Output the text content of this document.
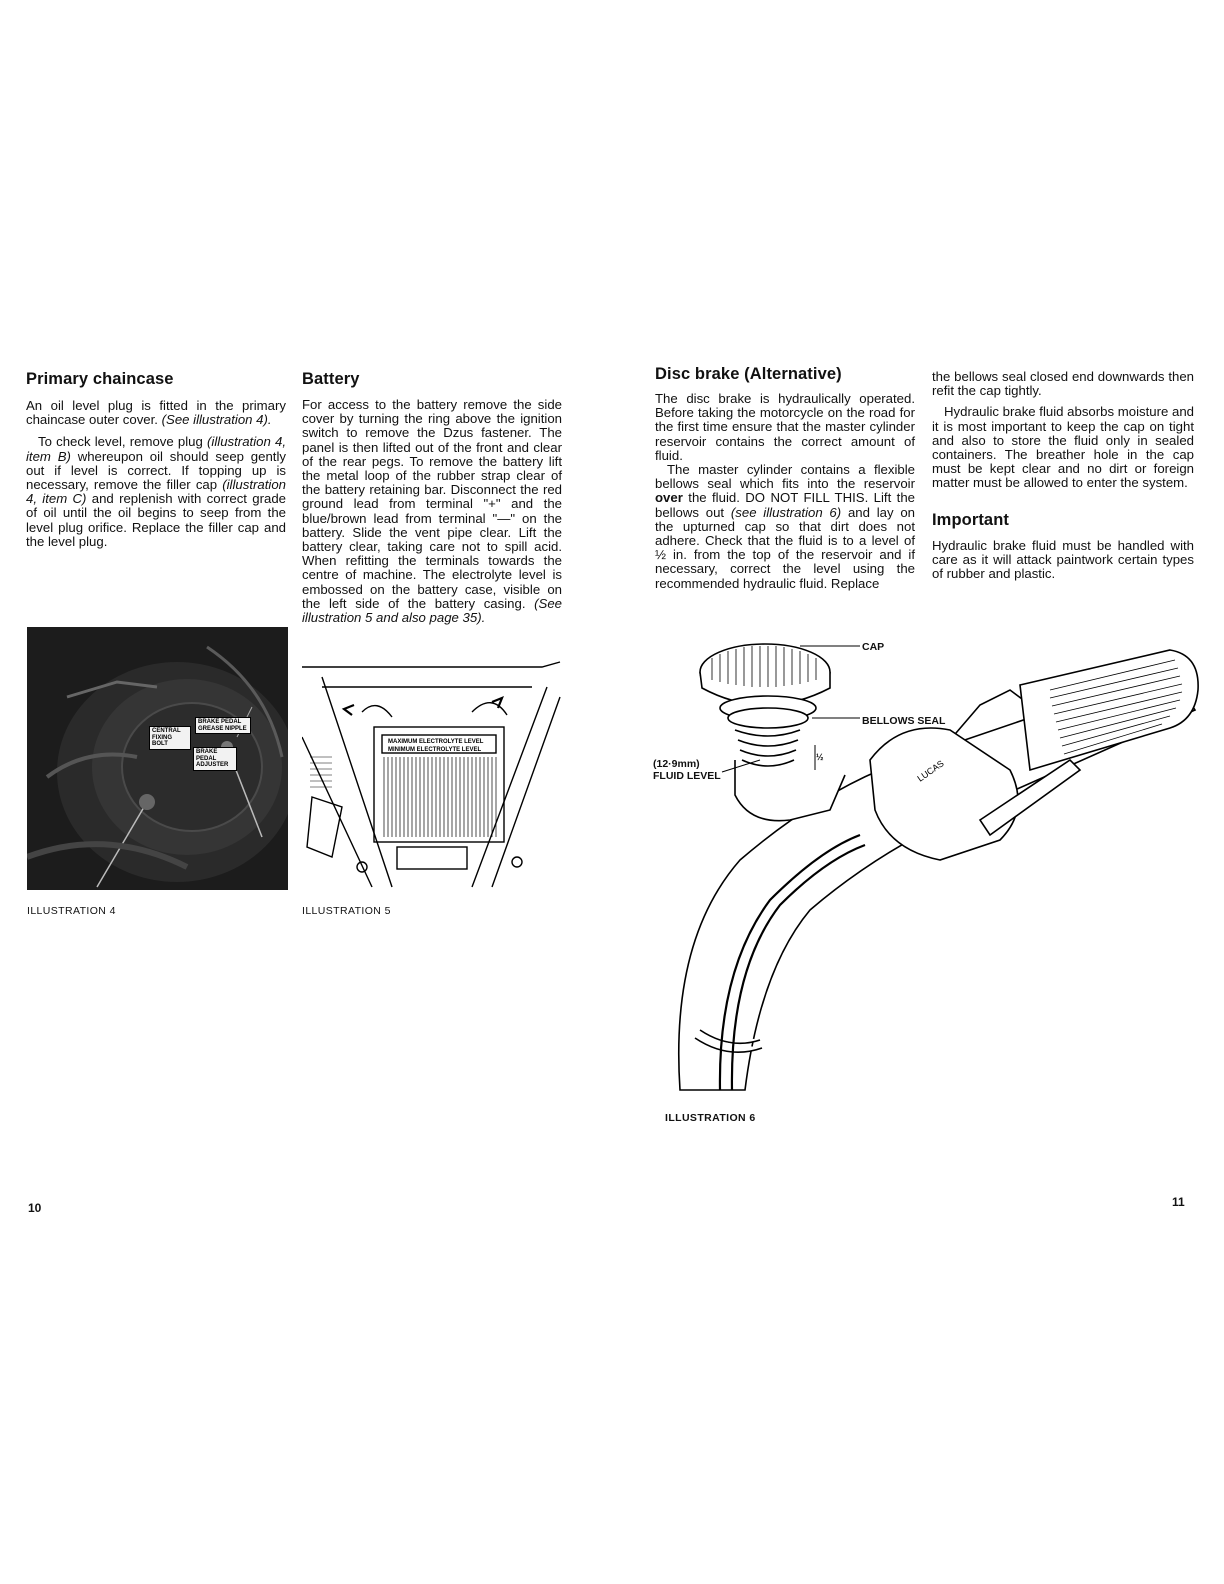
Primary chaincase

An oil level plug is fitted in the primary chaincase outer cover. (See illustration 4).

To check level, remove plug (illustration 4, item B) whereupon oil should seep gently out if level is correct. If topping up is necessary, remove the filler cap (illustration 4, item C) and replenish with correct grade of oil until the oil begins to seep from the level plug orifice. Replace the filler cap and the level plug.

Battery

For access to the battery remove the side cover by turning the ring above the ignition switch to remove the Dzus fastener. The panel is then lifted out of the front and clear of the rear pegs. To remove the battery lift the metal loop of the rubber strap clear of the battery retaining bar. Disconnect the red ground lead from terminal "+" and the blue/brown lead from terminal "—" on the battery. Slide the vent pipe clear. Lift the battery clear, taking care not to spill acid. When refitting the terminals towards the centre of machine. The electrolyte level is embossed on the battery case, visible on the left side of the battery casing. (See illustration 5 and also page 35).

CENTRAL FIXING BOLT
BRAKE PEDAL GREASE NIPPLE
BRAKE PEDAL ADJUSTER
MAXIMUM ELECTROLYTE LEVEL
MINIMUM ELECTROLYTE LEVEL
ILLUSTRATION 4	ILLUSTRATION 5
10
Disc brake (Alternative)

The disc brake is hydraulically operated. Before taking the motorcycle on the road for the first time ensure that the master cylinder reservoir contains the correct amount of fluid.

The master cylinder contains a flexible bellows seal which fits into the reservoir over the fluid. DO NOT FILL THIS. Lift the bellows out (see illustration 6) and lay on the upturned cap so that dirt does not adhere. Check that the fluid is to a level of ½ in. from the top of the reservoir and if necessary, correct the level using the recommended hydraulic fluid. Replace

the bellows seal closed end downwards then refit the cap tightly.

Hydraulic brake fluid absorbs moisture and it is most important to keep the cap on tight and also to store the fluid only in sealed containers. The breather hole in the cap must be kept clear and no dirt or foreign matter must be allowed to enter the system.

Important

Hydraulic brake fluid must be handled with care as it will attack paintwork certain types of rubber and plastic.

LUCAS
CAP
BELLOWS SEAL
(12·9mm)
FLUID LEVEL
½
ILLUSTRATION 6
11
